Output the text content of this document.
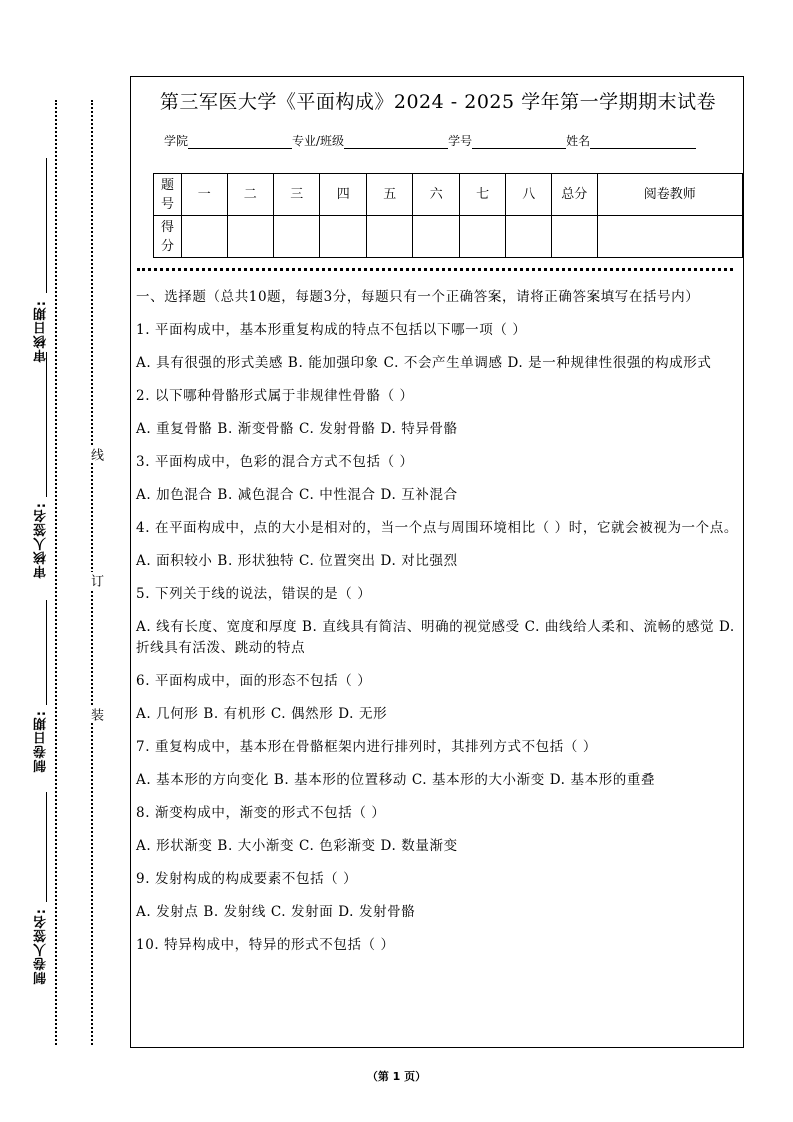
审核日期:
审核人签名:
制卷日期:
制卷人签名:
线
订
装
第三军医大学《平面构成》2024 - 2025 学年第一学期期末试卷
学院	专业/班级	学号	姓名
题号	一	二	三	四	五	六	七	八	总分	阅卷教师
得分										

一、选择题（总共10题，每题3分，每题只有一个正确答案，请将正确答案填写在括号内）

1. 平面构成中，基本形重复构成的特点不包括以下哪一项（ ）

A. 具有很强的形式美感 B. 能加强印象 C. 不会产生单调感 D. 是一种规律性很强的构成形式

2. 以下哪种骨骼形式属于非规律性骨骼（ ）

A. 重复骨骼 B. 渐变骨骼 C. 发射骨骼 D. 特异骨骼

3. 平面构成中，色彩的混合方式不包括（ ）

A. 加色混合 B. 减色混合 C. 中性混合 D. 互补混合

4. 在平面构成中，点的大小是相对的，当一个点与周围环境相比（ ）时，它就会被视为一个点。

A. 面积较小 B. 形状独特 C. 位置突出 D. 对比强烈

5. 下列关于线的说法，错误的是（ ）

A. 线有长度、宽度和厚度 B. 直线具有简洁、明确的视觉感受 C. 曲线给人柔和、流畅的感觉 D. 折线具有活泼、跳动的特点

6. 平面构成中，面的形态不包括（ ）

A. 几何形 B. 有机形 C. 偶然形 D. 无形

7. 重复构成中，基本形在骨骼框架内进行排列时，其排列方式不包括（ ）

A. 基本形的方向变化 B. 基本形的位置移动 C. 基本形的大小渐变 D. 基本形的重叠

8. 渐变构成中，渐变的形式不包括（ ）

A. 形状渐变 B. 大小渐变 C. 色彩渐变 D. 数量渐变

9. 发射构成的构成要素不包括（ ）

A. 发射点 B. 发射线 C. 发射面 D. 发射骨骼

10. 特异构成中，特异的形式不包括（ ）

（第 1 页）
